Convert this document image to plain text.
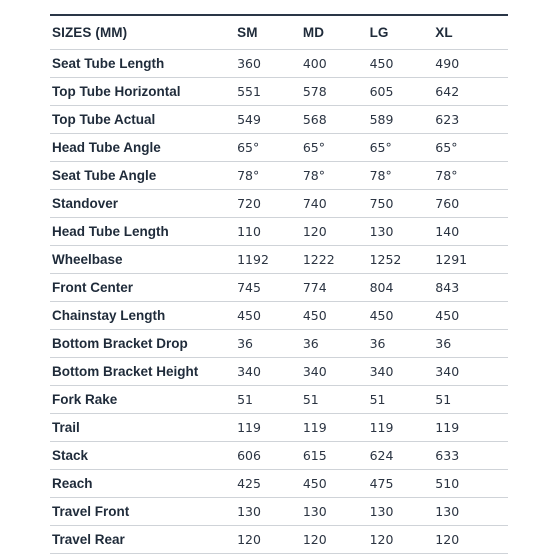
SIZES (MM)	SM	MD	LG	XL
Seat Tube Length	360	400	450	490
Top Tube Horizontal	551	578	605	642
Top Tube Actual	549	568	589	623
Head Tube Angle	65°	65°	65°	65°
Seat Tube Angle	78°	78°	78°	78°
Standover	720	740	750	760
Head Tube Length	110	120	130	140
Wheelbase	1192	1222	1252	1291
Front Center	745	774	804	843
Chainstay Length	450	450	450	450
Bottom Bracket Drop	36	36	36	36
Bottom Bracket Height	340	340	340	340
Fork Rake	51	51	51	51
Trail	119	119	119	119
Stack	606	615	624	633
Reach	425	450	475	510
Travel Front	130	130	130	130
Travel Rear	120	120	120	120
